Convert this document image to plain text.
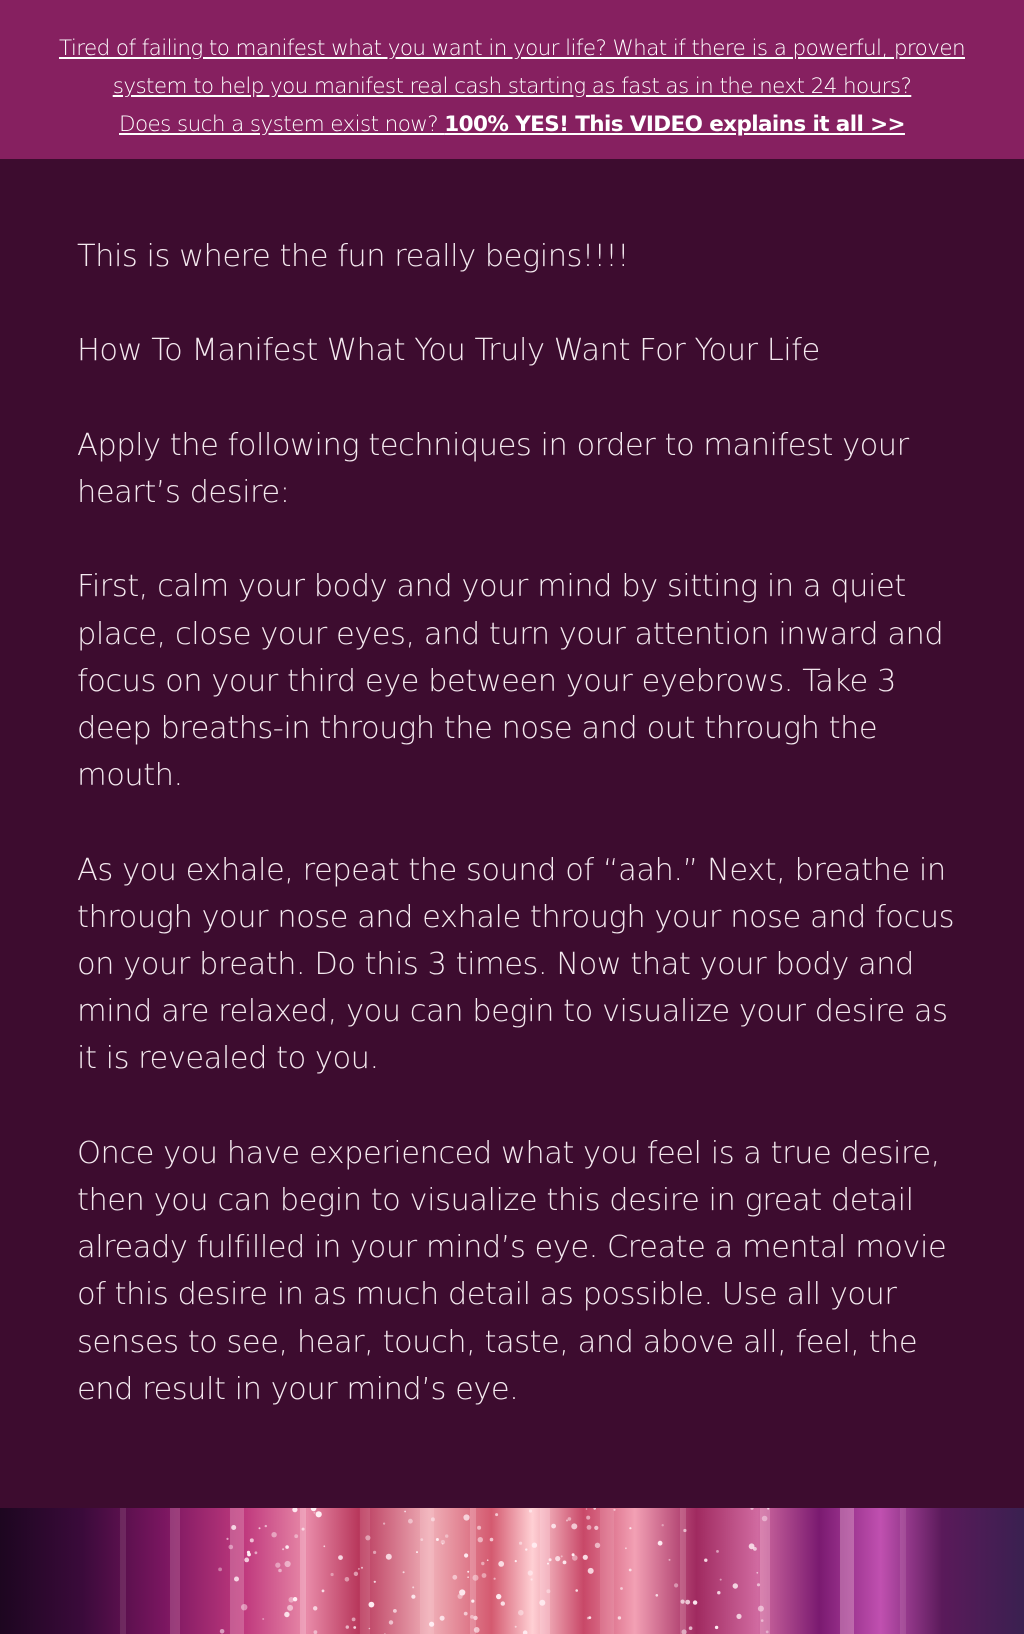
Tired of failing to manifest what you want in your life? What if there is a powerful, proven
system to help you manifest real cash starting as fast as in the next 24 hours?
Does such a system exist now? 100% YES! This VIDEO explains it all >>

This is where the fun really begins!!!!

How To Manifest What You Truly Want For Your Life

Apply the following techniques in order to manifest your heart’s desire:

First, calm your body and your mind by sitting in a quiet place, close your eyes, and turn your attention inward and focus on your third eye between your eyebrows. Take 3 deep breaths-in through the nose and out through the mouth.

As you exhale, repeat the sound of “aah.” Next, breathe in through your nose and exhale through your nose and focus on your breath. Do this 3 times. Now that your body and mind are relaxed, you can begin to visualize your desire as it is revealed to you.

Once you have experienced what you feel is a true desire, then you can begin to visualize this desire in great detail already fulfilled in your mind’s eye. Create a mental movie of this desire in as much detail as possible. Use all your senses to see, hear, touch, taste, and above all, feel, the end result in your mind’s eye.
